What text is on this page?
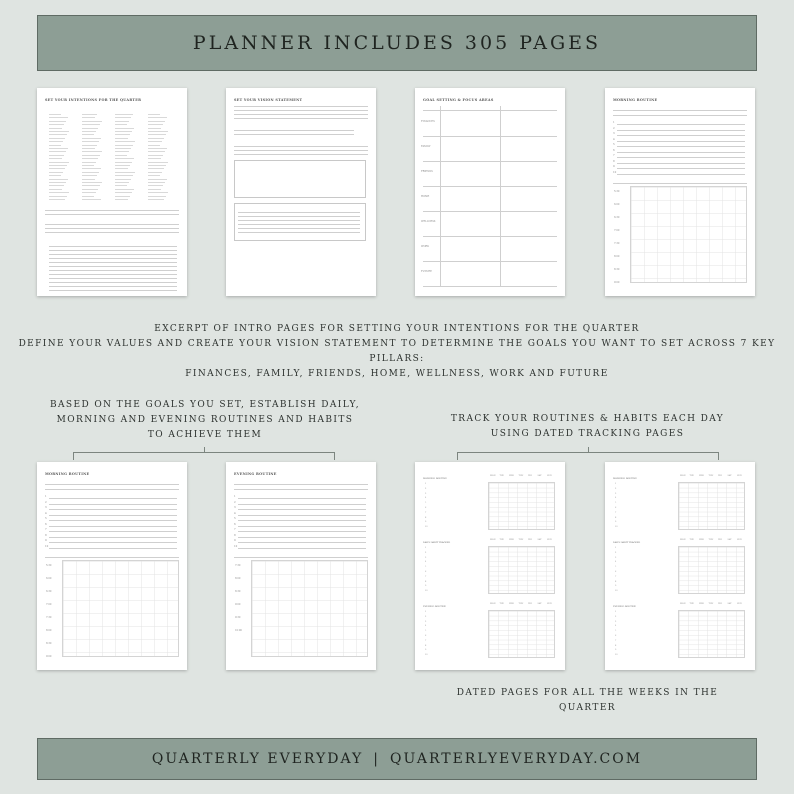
PLANNER INCLUDES 305 PAGES
SET YOUR INTENTIONS FOR THE QUARTER	SET YOUR VISION STATEMENT	GOAL SETTING & FOCUS AREAS
FINANCES
FAMILY
FRIENDS
HOME
WELLNESS
WORK
FUTURE
MORNING ROUTINE
1
2
3
4
5
6
7
8
9
10
5:30
6:00
6:30
7:00
7:30
8:00
8:30
9:00
EXCERPT OF INTRO PAGES FOR SETTING YOUR INTENTIONS FOR THE QUARTER
DEFINE YOUR VALUES AND CREATE YOUR VISION STATEMENT TO DETERMINE THE GOALS YOU WANT TO SET ACROSS 7 KEY PILLARS:
FINANCES, FAMILY, FRIENDS, HOME, WELLNESS, WORK AND FUTURE
BASED ON THE GOALS YOU SET, ESTABLISH DAILY,
MORNING AND EVENING ROUTINES AND HABITS
TO ACHIEVE THEM
TRACK YOUR ROUTINES & HABITS EACH DAY
USING DATED TRACKING PAGES
MORNING ROUTINE
1
2
3
4
5
6
7
8
9
10
5:30
6:00
6:30
7:00
7:30
8:00
8:30
9:00
EVENING ROUTINE
1
2
3
4
5
6
7
8
9
10
7:30
8:00
8:30
9:00
9:30
10:00
MORNING ROUTINE
MON TUE	WED THU FRI	SAT	SUN
1
2
3
4
5
6
7
8
9
10
DAILY HABIT TRACKER
MON TUE	WED THU FRI	SAT	SUN
1
2
3
4
5
6
7
8
9
10
EVENING ROUTINE
MON TUE	WED THU FRI	SAT	SUN
1
2
3
4
5
6
7
8
9
10
MORNING ROUTINE
MON TUE	WED THU FRI	SAT	SUN
1
2
3
4
5
6
7
8
9
10
DAILY HABIT TRACKER
MON TUE	WED THU FRI	SAT	SUN
1
2
3
4
5
6
7
8
9
10
EVENING ROUTINE
MON TUE	WED THU FRI	SAT	SUN
1
2
3
4
5
6
7
8
9
10
DATED PAGES FOR ALL THE WEEKS IN THE
QUARTER
QUARTERLY EVERYDAY | QUARTERLYEVERYDAY.COM
